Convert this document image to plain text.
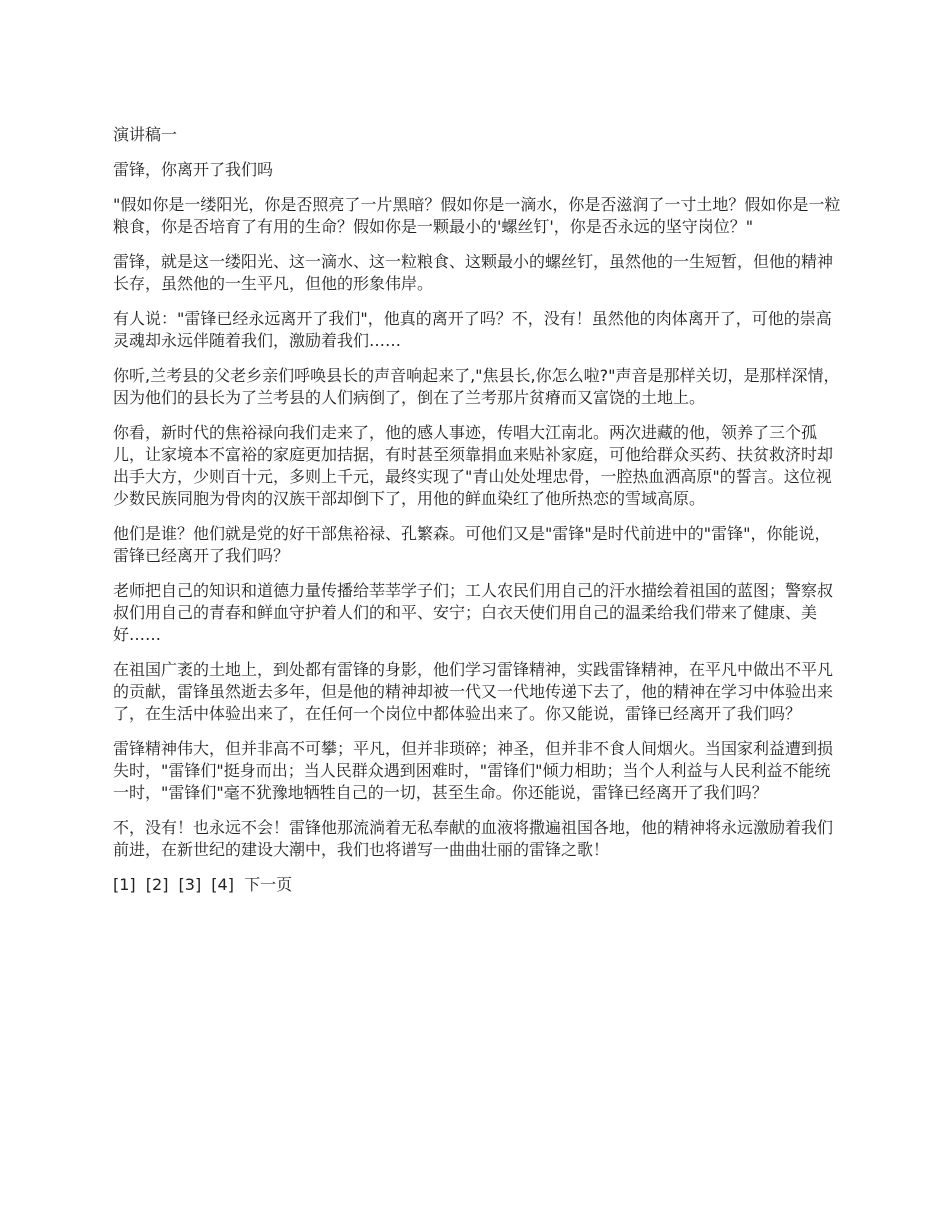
演讲稿一
雷锋，你离开了我们吗
"假如你是一缕阳光，你是否照亮了一片黑暗？假如你是一滴水，你是否滋润了一寸土地？假如你是一粒粮食，你是否培育了有用的生命？假如你是一颗最小的'螺丝钉'，你是否永远的坚守岗位？"
雷锋，就是这一缕阳光、这一滴水、这一粒粮食、这颗最小的螺丝钉，虽然他的一生短暂，但他的精神长存，虽然他的一生平凡，但他的形象伟岸。
有人说："雷锋已经永远离开了我们"，他真的离开了吗？不，没有！虽然他的肉体离开了，可他的崇高灵魂却永远伴随着我们，激励着我们……
你听,兰考县的父老乡亲们呼唤县长的声音响起来了,"焦县长,你怎么啦?"声音是那样关切，是那样深情，因为他们的县长为了兰考县的人们病倒了，倒在了兰考那片贫瘠而又富饶的土地上。
你看，新时代的焦裕禄向我们走来了，他的感人事迹，传唱大江南北。两次进藏的他，领养了三个孤儿，让家境本不富裕的家庭更加拮据，有时甚至须靠捐血来贴补家庭，可他给群众买药、扶贫救济时却出手大方，少则百十元，多则上千元，最终实现了"青山处处埋忠骨，一腔热血洒高原"的誓言。这位视少数民族同胞为骨肉的汉族干部却倒下了，用他的鲜血染红了他所热恋的雪域高原。
他们是谁？他们就是党的好干部焦裕禄、孔繁森。可他们又是"雷锋"是时代前进中的"雷锋"，你能说，雷锋已经离开了我们吗？
老师把自己的知识和道德力量传播给莘莘学子们；工人农民们用自己的汗水描绘着祖国的蓝图；警察叔叔们用自己的青春和鲜血守护着人们的和平、安宁；白衣天使们用自己的温柔给我们带来了健康、美好……
在祖国广袤的土地上，到处都有雷锋的身影，他们学习雷锋精神，实践雷锋精神，在平凡中做出不平凡的贡献，雷锋虽然逝去多年，但是他的精神却被一代又一代地传递下去了，他的精神在学习中体验出来了，在生活中体验出来了，在任何一个岗位中都体验出来了。你又能说，雷锋已经离开了我们吗？
雷锋精神伟大，但并非高不可攀；平凡，但并非琐碎；神圣，但并非不食人间烟火。当国家利益遭到损失时，"雷锋们"挺身而出；当人民群众遇到困难时，"雷锋们"倾力相助；当个人利益与人民利益不能统一时，"雷锋们"毫不犹豫地牺牲自己的一切，甚至生命。你还能说，雷锋已经离开了我们吗？
不，没有！也永远不会！雷锋他那流淌着无私奉献的血液将撒遍祖国各地，他的精神将永远激励着我们前进，在新世纪的建设大潮中，我们也将谱写一曲曲壮丽的雷锋之歌！
[1] [2] [3] [4] 下一页
